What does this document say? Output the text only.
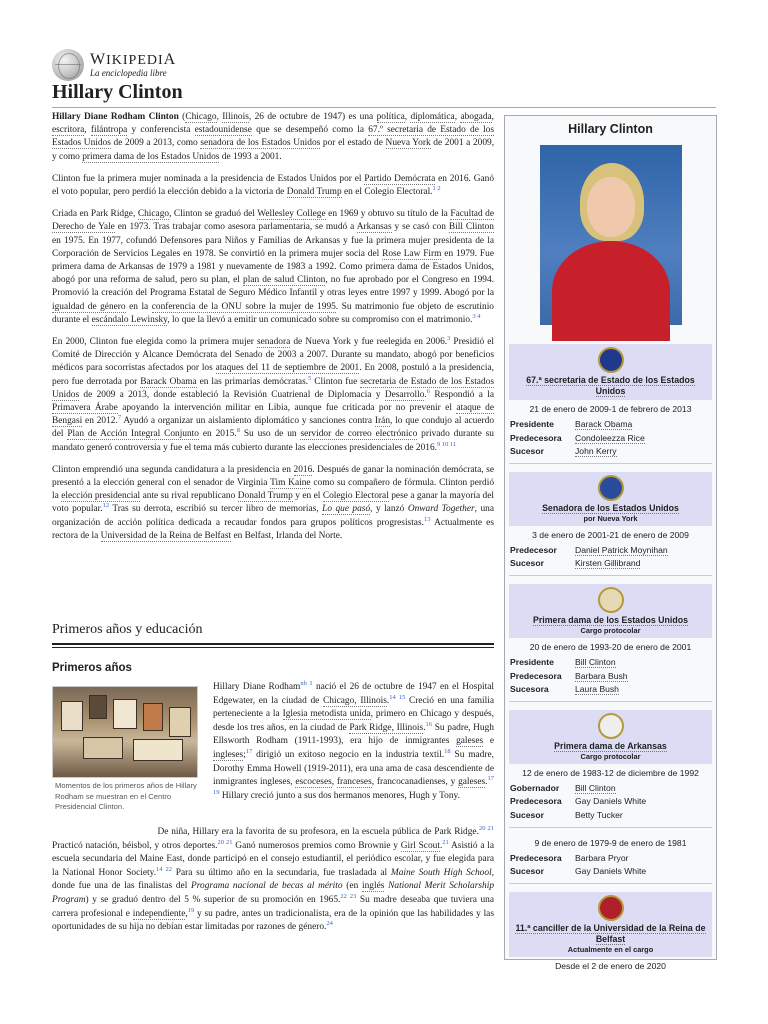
WIKIPEDIA
La enciclopedia libre
Hillary Clinton

Hillary Diane Rodham Clinton (Chicago, Illinois, 26 de octubre de 1947) es una política, diplomática, abogada, escritora, filántropa y conferencista estadounidense que se desempeñó como la 67.º secretaria de Estado de los Estados Unidos de 2009 a 2013, como senadora de los Estados Unidos por el estado de Nueva York de 2001 a 2009, y como primera dama de los Estados Unidos de 1993 a 2001.

Clinton fue la primera mujer nominada a la presidencia de Estados Unidos por el Partido Demócrata en 2016. Ganó el voto popular, pero perdió la elección debido a la victoria de Donald Trump en el Colegio Electoral.$^{1 2}$

Criada en Park Ridge, Chicago, Clinton se graduó del Wellesley College en 1969 y obtuvo su título de la Facultad de Derecho de Yale en 1973. Tras trabajar como asesora parlamentaria, se mudó a Arkansas y se casó con Bill Clinton en 1975. En 1977, cofundó Defensores para Niños y Familias de Arkansas y fue la primera mujer presidenta de la Corporación de Servicios Legales en 1978. Se convirtió en la primera mujer socia del Rose Law Firm en 1979. Fue primera dama de Arkansas de 1979 a 1981 y nuevamente de 1983 a 1992. Como primera dama de Estados Unidos, abogó por una reforma de salud, pero su plan, el plan de salud Clinton, no fue aprobado por el Congreso en 1994. Promovió la creación del Programa Estatal de Seguro Médico Infantil y otras leyes entre 1997 y 1999. Abogó por la igualdad de género en la conferencia de la ONU sobre la mujer de 1995. Su matrimonio fue objeto de escrutinio durante el escándalo Lewinsky, lo que la llevó a emitir un comunicado sobre su compromiso con el matrimonio.$^{3 4}$

En 2000, Clinton fue elegida como la primera mujer senadora de Nueva York y fue reelegida en 2006.$^3$ Presidió el Comité de Dirección y Alcance Demócrata del Senado de 2003 a 2007. Durante su mandato, abogó por beneficios médicos para socorristas afectados por los ataques del 11 de septiembre de 2001. En 2008, postuló a la presidencia, pero fue derrotada por Barack Obama en las primarias demócratas.$^5$ Clinton fue secretaria de Estado de los Estados Unidos de 2009 a 2013, donde estableció la Revisión Cuatrienal de Diplomacia y Desarrollo.$^6$ Respondió a la Primavera Árabe apoyando la intervención militar en Libia, aunque fue criticada por no prevenir el ataque de Bengasi en 2012.$^7$ Ayudó a organizar un aislamiento diplomático y sanciones contra Irán, lo que condujo al acuerdo del Plan de Acción Integral Conjunto en 2015.$^8$ Su uso de un servidor de correo electrónico privado durante su mandato generó controversia y fue el tema más cubierto durante las elecciones presidenciales de 2016.$^{9 10 11}$

Clinton emprendió una segunda candidatura a la presidencia en 2016. Después de ganar la nominación demócrata, se presentó a la elección general con el senador de Virginia Tim Kaine como su compañero de fórmula. Clinton perdió la elección presidencial ante su rival republicano Donald Trump y en el Colegio Electoral pese a ganar la mayoría del voto popular.$^{12}$ Tras su derrota, escribió su tercer libro de memorias, Lo que pasó, y lanzó Onward Together, una organización de acción política dedicada a recaudar fondos para grupos políticos progresistas.$^{13}$ Actualmente es rectora de la Universidad de la Reina de Belfast en Belfast, Irlanda del Norte.

Primeros años y educación
Primeros años
Momentos de los primeros años de Hillary Rodham se muestran en el Centro Presidencial Clinton.
Hillary Diane Rodham$^{nb 1}$ nació el 26 de octubre de 1947 en el Hospital Edgewater, en la ciudad de Chicago, Illinois.$^{14 15}$ Creció en una familia perteneciente a la Iglesia metodista unida, primero en Chicago y después, desde los tres años, en la ciudad de Park Ridge, Illinois.$^{16}$ Su padre, Hugh Ellsworth Rodham (1911-1993), era hijo de inmigrantes galeses e ingleses;$^{17}$ dirigió un exitoso negocio en la industria textil.$^{18}$ Su madre, Dorothy Emma Howell (1919-2011), era una ama de casa descendiente de inmigrantes ingleses, escoceses, franceses, francocanadienses, y galeses.$^{17 19}$ Hillary creció junto a sus dos hermanos menores, Hugh y Tony.
De niña, Hillary era la favorita de su profesora, en la escuela pública de Park Ridge.$^{20 21}$ Practicó natación, béisbol, y otros deportes.$^{20 21}$ Ganó numerosos premios como Brownie y Girl Scout.$^{21}$ Asistió a la escuela secundaria del Maine East, donde participó en el consejo estudiantil, el periódico escolar, y fue elegida para la National Honor Society.$^{14 22}$ Para su último año en la secundaria, fue trasladada al Maine South High School, donde fue una de las finalistas del Programa nacional de becas al mérito (en inglés National Merit Scholarship Program) y se graduó dentro del 5 % superior de su promoción en 1965.$^{22 23}$ Su madre deseaba que tuviera una carrera profesional e independiente,$^{19}$ y su padre, antes un tradicionalista, era de la opinión que las habilidades y las oportunidades de su hija no debían estar limitadas por razones de género.$^{24}$
Hillary Clinton
67.ª secretaria de Estado de los Estados Unidos
21 de enero de 2009-1 de febrero de 2013
Presidente	Barack Obama
Predecesora	Condoleezza Rice
Sucesor	John Kerry
Senadora de los Estados Unidos
por Nueva York
3 de enero de 2001-21 de enero de 2009
Predecesor	Daniel Patrick Moynihan
Sucesor	Kirsten Gillibrand
Primera dama de los Estados Unidos
Cargo protocolar
20 de enero de 1993-20 de enero de 2001
Presidente	Bill Clinton
Predecesora	Barbara Bush
Sucesora	Laura Bush
Primera dama de Arkansas
Cargo protocolar
12 de enero de 1983-12 de diciembre de 1992
Gobernador	Bill Clinton
Predecesora	Gay Daniels White
Sucesor	Betty Tucker
9 de enero de 1979-9 de enero de 1981
Predecesora	Barbara Pryor
Sucesor	Gay Daniels White
11.ª canciller de la Universidad de la Reina de Belfast
Actualmente en el cargo
Desde el 2 de enero de 2020
